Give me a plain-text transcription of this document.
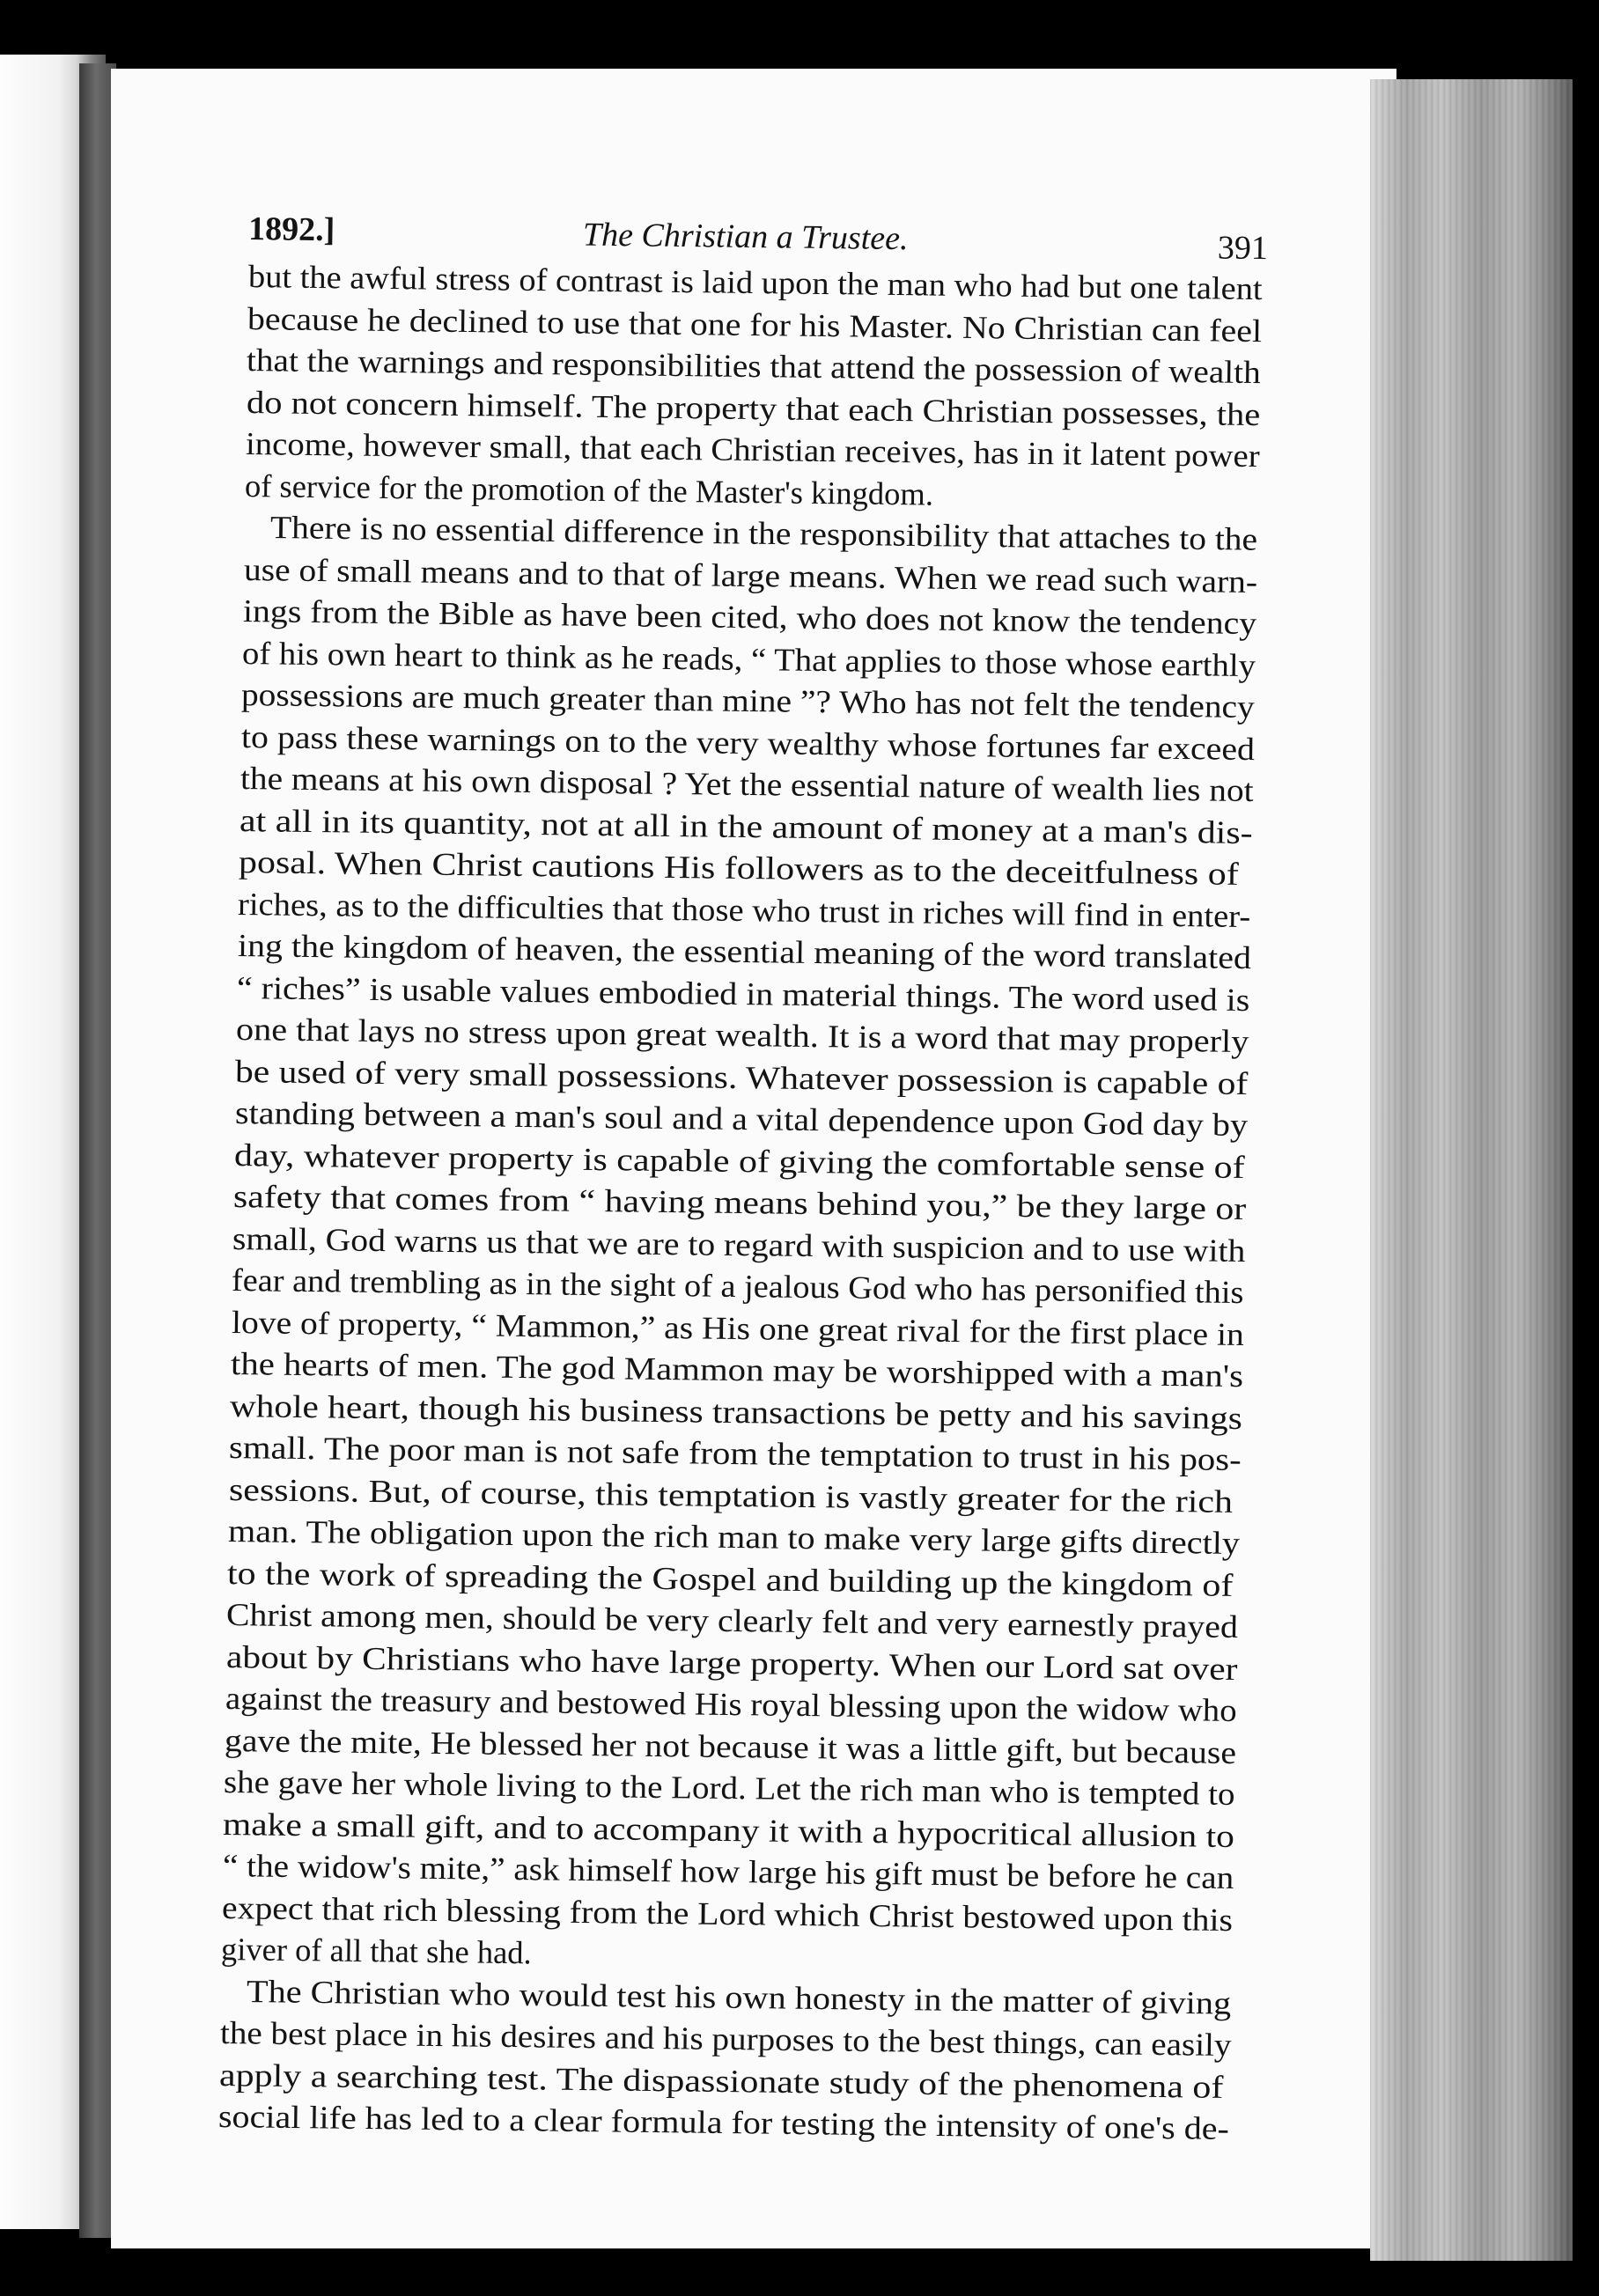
1892.]	The Christian a Trustee.	391
but the awful stress of contrast is laid upon the man who had but one talent
because he declined to use that one for his Master. No Christian can feel
that the warnings and responsibilities that attend the possession of wealth
do not concern himself. The property that each Christian possesses, the
income, however small, that each Christian receives, has in it latent power
of service for the promotion of the Master's kingdom.
There is no essential difference in the responsibility that attaches to the
use of small means and to that of large means. When we read such warn-
ings from the Bible as have been cited, who does not know the tendency
of his own heart to think as he reads, “ That applies to those whose earthly
possessions are much greater than mine ”? Who has not felt the tendency
to pass these warnings on to the very wealthy whose fortunes far exceed
the means at his own disposal ? Yet the essential nature of wealth lies not
at all in its quantity, not at all in the amount of money at a man's dis-
posal. When Christ cautions His followers as to the deceitfulness of
riches, as to the difficulties that those who trust in riches will find in enter-
ing the kingdom of heaven, the essential meaning of the word translated
“ riches” is usable values embodied in material things. The word used is
one that lays no stress upon great wealth. It is a word that may properly
be used of very small possessions. Whatever possession is capable of
standing between a man's soul and a vital dependence upon God day by
day, whatever property is capable of giving the comfortable sense of
safety that comes from “ having means behind you,” be they large or
small, God warns us that we are to regard with suspicion and to use with
fear and trembling as in the sight of a jealous God who has personified this
love of property, “ Mammon,” as His one great rival for the first place in
the hearts of men. The god Mammon may be worshipped with a man's
whole heart, though his business transactions be petty and his savings
small. The poor man is not safe from the temptation to trust in his pos-
sessions. But, of course, this temptation is vastly greater for the rich
man. The obligation upon the rich man to make very large gifts directly
to the work of spreading the Gospel and building up the kingdom of
Christ among men, should be very clearly felt and very earnestly prayed
about by Christians who have large property. When our Lord sat over
against the treasury and bestowed His royal blessing upon the widow who
gave the mite, He blessed her not because it was a little gift, but because
she gave her whole living to the Lord. Let the rich man who is tempted to
make a small gift, and to accompany it with a hypocritical allusion to
“ the widow's mite,” ask himself how large his gift must be before he can
expect that rich blessing from the Lord which Christ bestowed upon this
giver of all that she had.
The Christian who would test his own honesty in the matter of giving
the best place in his desires and his purposes to the best things, can easily
apply a searching test. The dispassionate study of the phenomena of
social life has led to a clear formula for testing the intensity of one's de-
